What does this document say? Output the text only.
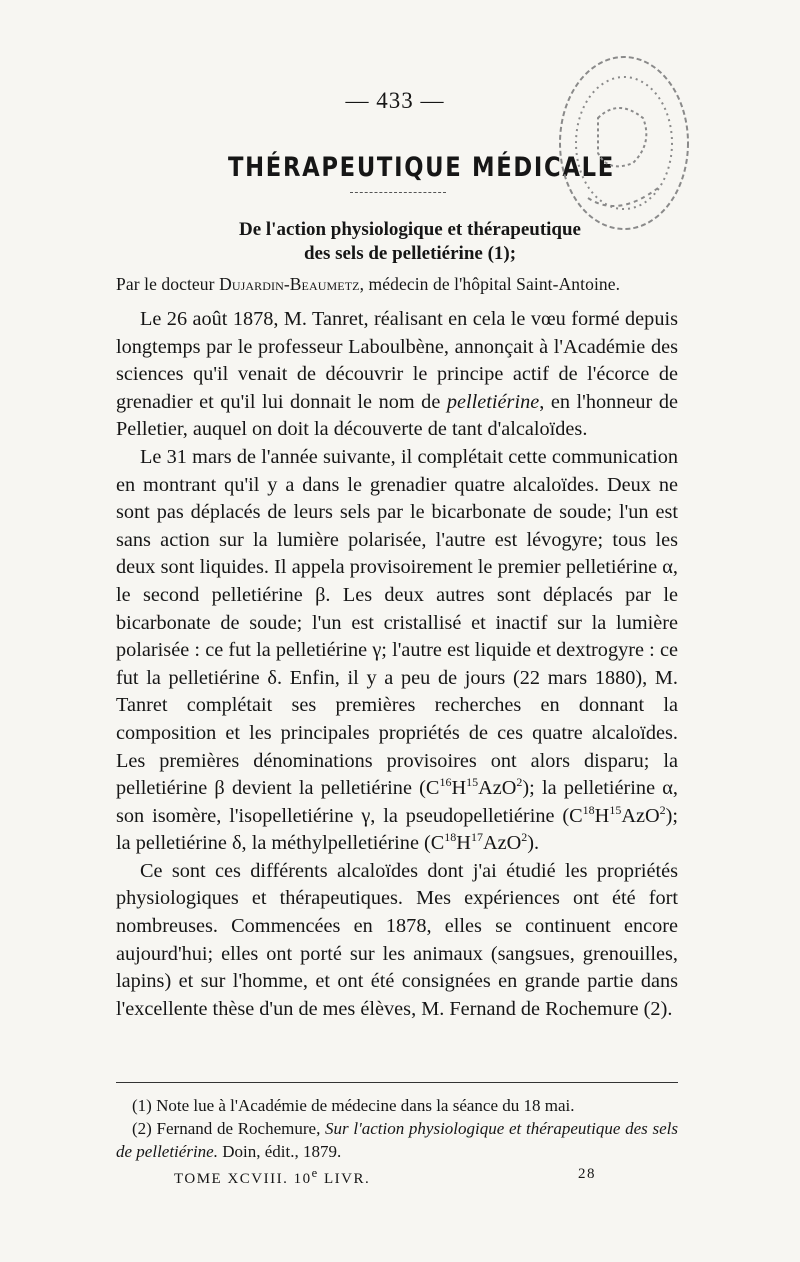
— 433 —
THÉRAPEUTIQUE MÉDICALE
De l'action physiologique et thérapeutique
des sels de pelletiérine (1);
Par le docteur Dujardin-Beaumetz, médecin de l'hôpital Saint-Antoine.

Le 26 août 1878, M. Tanret, réalisant en cela le vœu formé depuis longtemps par le professeur Laboulbène, annonçait à l'Académie des sciences qu'il venait de découvrir le principe actif de l'écorce de grenadier et qu'il lui donnait le nom de pelletiérine, en l'honneur de Pelletier, auquel on doit la découverte de tant d'alcaloïdes.

Le 31 mars de l'année suivante, il complétait cette communication en montrant qu'il y a dans le grenadier quatre alcaloïdes. Deux ne sont pas déplacés de leurs sels par le bicarbonate de soude; l'un est sans action sur la lumière polarisée, l'autre est lévogyre; tous les deux sont liquides. Il appela provisoirement le premier pelletiérine α, le second pelletiérine β. Les deux autres sont déplacés par le bicarbonate de soude; l'un est cristallisé et inactif sur la lumière polarisée : ce fut la pelletiérine γ; l'autre est liquide et dextrogyre : ce fut la pelletiérine δ. Enfin, il y a peu de jours (22 mars 1880), M. Tanret complétait ses premières recherches en donnant la composition et les principales propriétés de ces quatre alcaloïdes. Les premières dénominations provisoires ont alors disparu; la pelletiérine β devient la pelletiérine $(C^{16}H^{15}AzO^2)$; la pelletiérine α, son isomère, l'isopelletiérine γ, la pseudopelletiérine $(C^{18}H^{15}AzO^2)$; la pelletiérine δ, la méthylpelletiérine $(C^{18}H^{17}AzO^2)$.

Ce sont ces différents alcaloïdes dont j'ai étudié les propriétés physiologiques et thérapeutiques. Mes expériences ont été fort nombreuses. Commencées en 1878, elles se continuent encore aujourd'hui; elles ont porté sur les animaux (sangsues, grenouilles, lapins) et sur l'homme, et ont été consignées en grande partie dans l'excellente thèse d'un de mes élèves, M. Fernand de Rochemure (2).

(1) Note lue à l'Académie de médecine dans la séance du 18 mai.
(2) Fernand de Rochemure, Sur l'action physiologique et thérapeutique des sels de pelletiérine. Doin, édit., 1879.
TOME XCVIII. 10e LIVR.	28
